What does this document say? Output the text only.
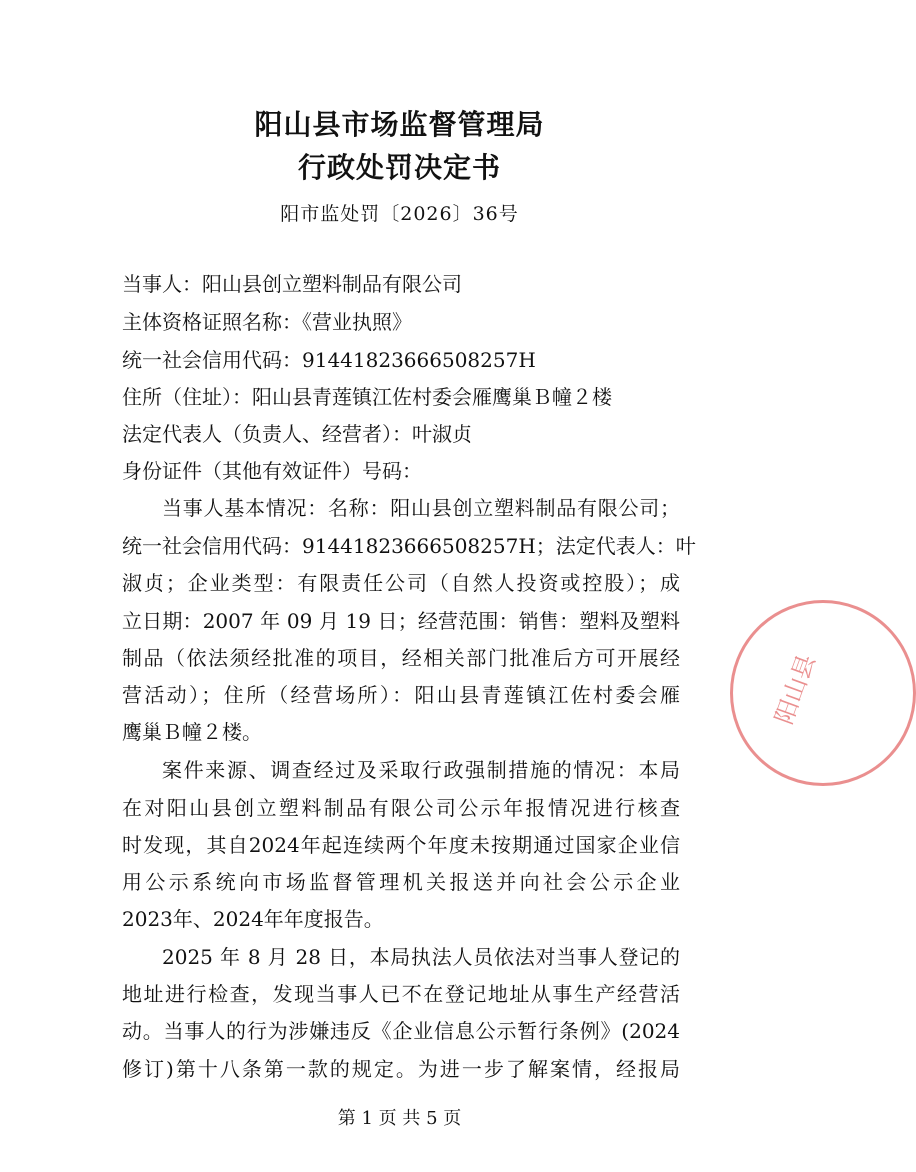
阳山县市场监督管理局
行政处罚决定书
阳市监处罚〔2026〕36号
当事人：阳山县创立塑料制品有限公司
主体资格证照名称：《营业执照》
统一社会信用代码：91441823666508257H
住所（住址）：阳山县青莲镇江佐村委会雁鹰巢Ｂ幢２楼
法定代表人（负责人、经营者）：叶淑贞
身份证件（其他有效证件）号码：
当事人基本情况：名称：阳山县创立塑料制品有限公司；
统一社会信用代码：91441823666508257H；法定代表人：叶
淑贞；企业类型：有限责任公司（自然人投资或控股）；成
立日期：2007 年 09 月 19 日；经营范围：销售：塑料及塑料
制品（依法须经批准的项目，经相关部门批准后方可开展经
营活动）；住所（经营场所）：阳山县青莲镇江佐村委会雁
鹰巢Ｂ幢２楼。
案件来源、调查经过及采取行政强制措施的情况：本局
在对阳山县创立塑料制品有限公司公示年报情况进行核查
时发现，其自2024年起连续两个年度未按期通过国家企业信
用公示系统向市场监督管理机关报送并向社会公示企业
2023年、2024年年度报告。
2025 年 8 月 28 日，本局执法人员依法对当事人登记的
地址进行检查，发现当事人已不在登记地址从事生产经营活
动。当事人的行为涉嫌违反《企业信息公示暂行条例》(2024
修订)第十八条第一款的规定。为进一步了解案情，经报局
第 1 页 共 5 页
阳山县
